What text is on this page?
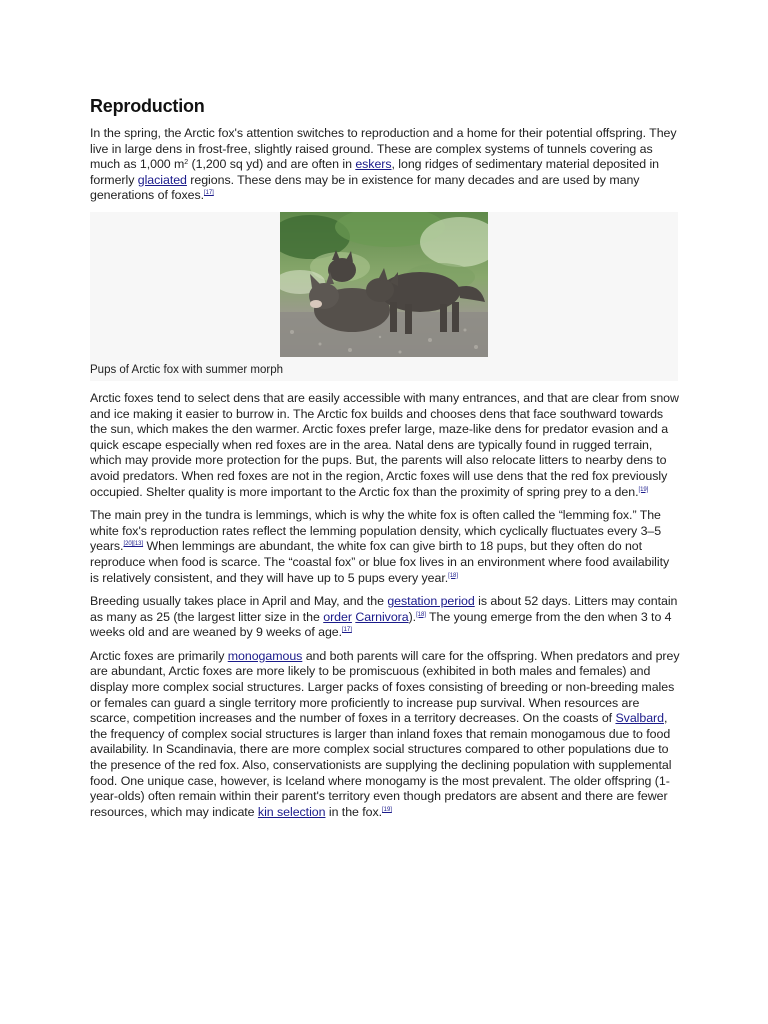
Reproduction

In the spring, the Arctic fox's attention switches to reproduction and a home for their potential offspring. They live in large dens in frost-free, slightly raised ground. These are complex systems of tunnels covering as much as 1,000 $m^2$ (1,200 sq yd) and are often in eskers, long ridges of sedimentary material deposited in formerly glaciated regions. These dens may be in existence for many decades and are used by many generations of foxes.[17]

Pups of Arctic fox with summer morph

Arctic foxes tend to select dens that are easily accessible with many entrances, and that are clear from snow and ice making it easier to burrow in. The Arctic fox builds and chooses dens that face southward towards the sun, which makes the den warmer. Arctic foxes prefer large, maze-like dens for predator evasion and a quick escape especially when red foxes are in the area. Natal dens are typically found in rugged terrain, which may provide more protection for the pups. But, the parents will also relocate litters to nearby dens to avoid predators. When red foxes are not in the region, Arctic foxes will use dens that the red fox previously occupied. Shelter quality is more important to the Arctic fox than the proximity of spring prey to a den.[19]

The main prey in the tundra is lemmings, which is why the white fox is often called the “lemming fox.” The white fox's reproduction rates reflect the lemming population density, which cyclically fluctuates every 3–5 years.[20][13] When lemmings are abundant, the white fox can give birth to 18 pups, but they often do not reproduce when food is scarce. The “coastal fox” or blue fox lives in an environment where food availability is relatively consistent, and they will have up to 5 pups every year.[18]

Breeding usually takes place in April and May, and the gestation period is about 52 days. Litters may contain as many as 25 (the largest litter size in the order Carnivora).[18] The young emerge from the den when 3 to 4 weeks old and are weaned by 9 weeks of age.[17]

Arctic foxes are primarily monogamous and both parents will care for the offspring. When predators and prey are abundant, Arctic foxes are more likely to be promiscuous (exhibited in both males and females) and display more complex social structures. Larger packs of foxes consisting of breeding or non-breeding males or females can guard a single territory more proficiently to increase pup survival. When resources are scarce, competition increases and the number of foxes in a territory decreases. On the coasts of Svalbard, the frequency of complex social structures is larger than inland foxes that remain monogamous due to food availability. In Scandinavia, there are more complex social structures compared to other populations due to the presence of the red fox. Also, conservationists are supplying the declining population with supplemental food. One unique case, however, is Iceland where monogamy is the most prevalent. The older offspring (1-year-olds) often remain within their parent's territory even though predators are absent and there are fewer resources, which may indicate kin selection in the fox.[19]
